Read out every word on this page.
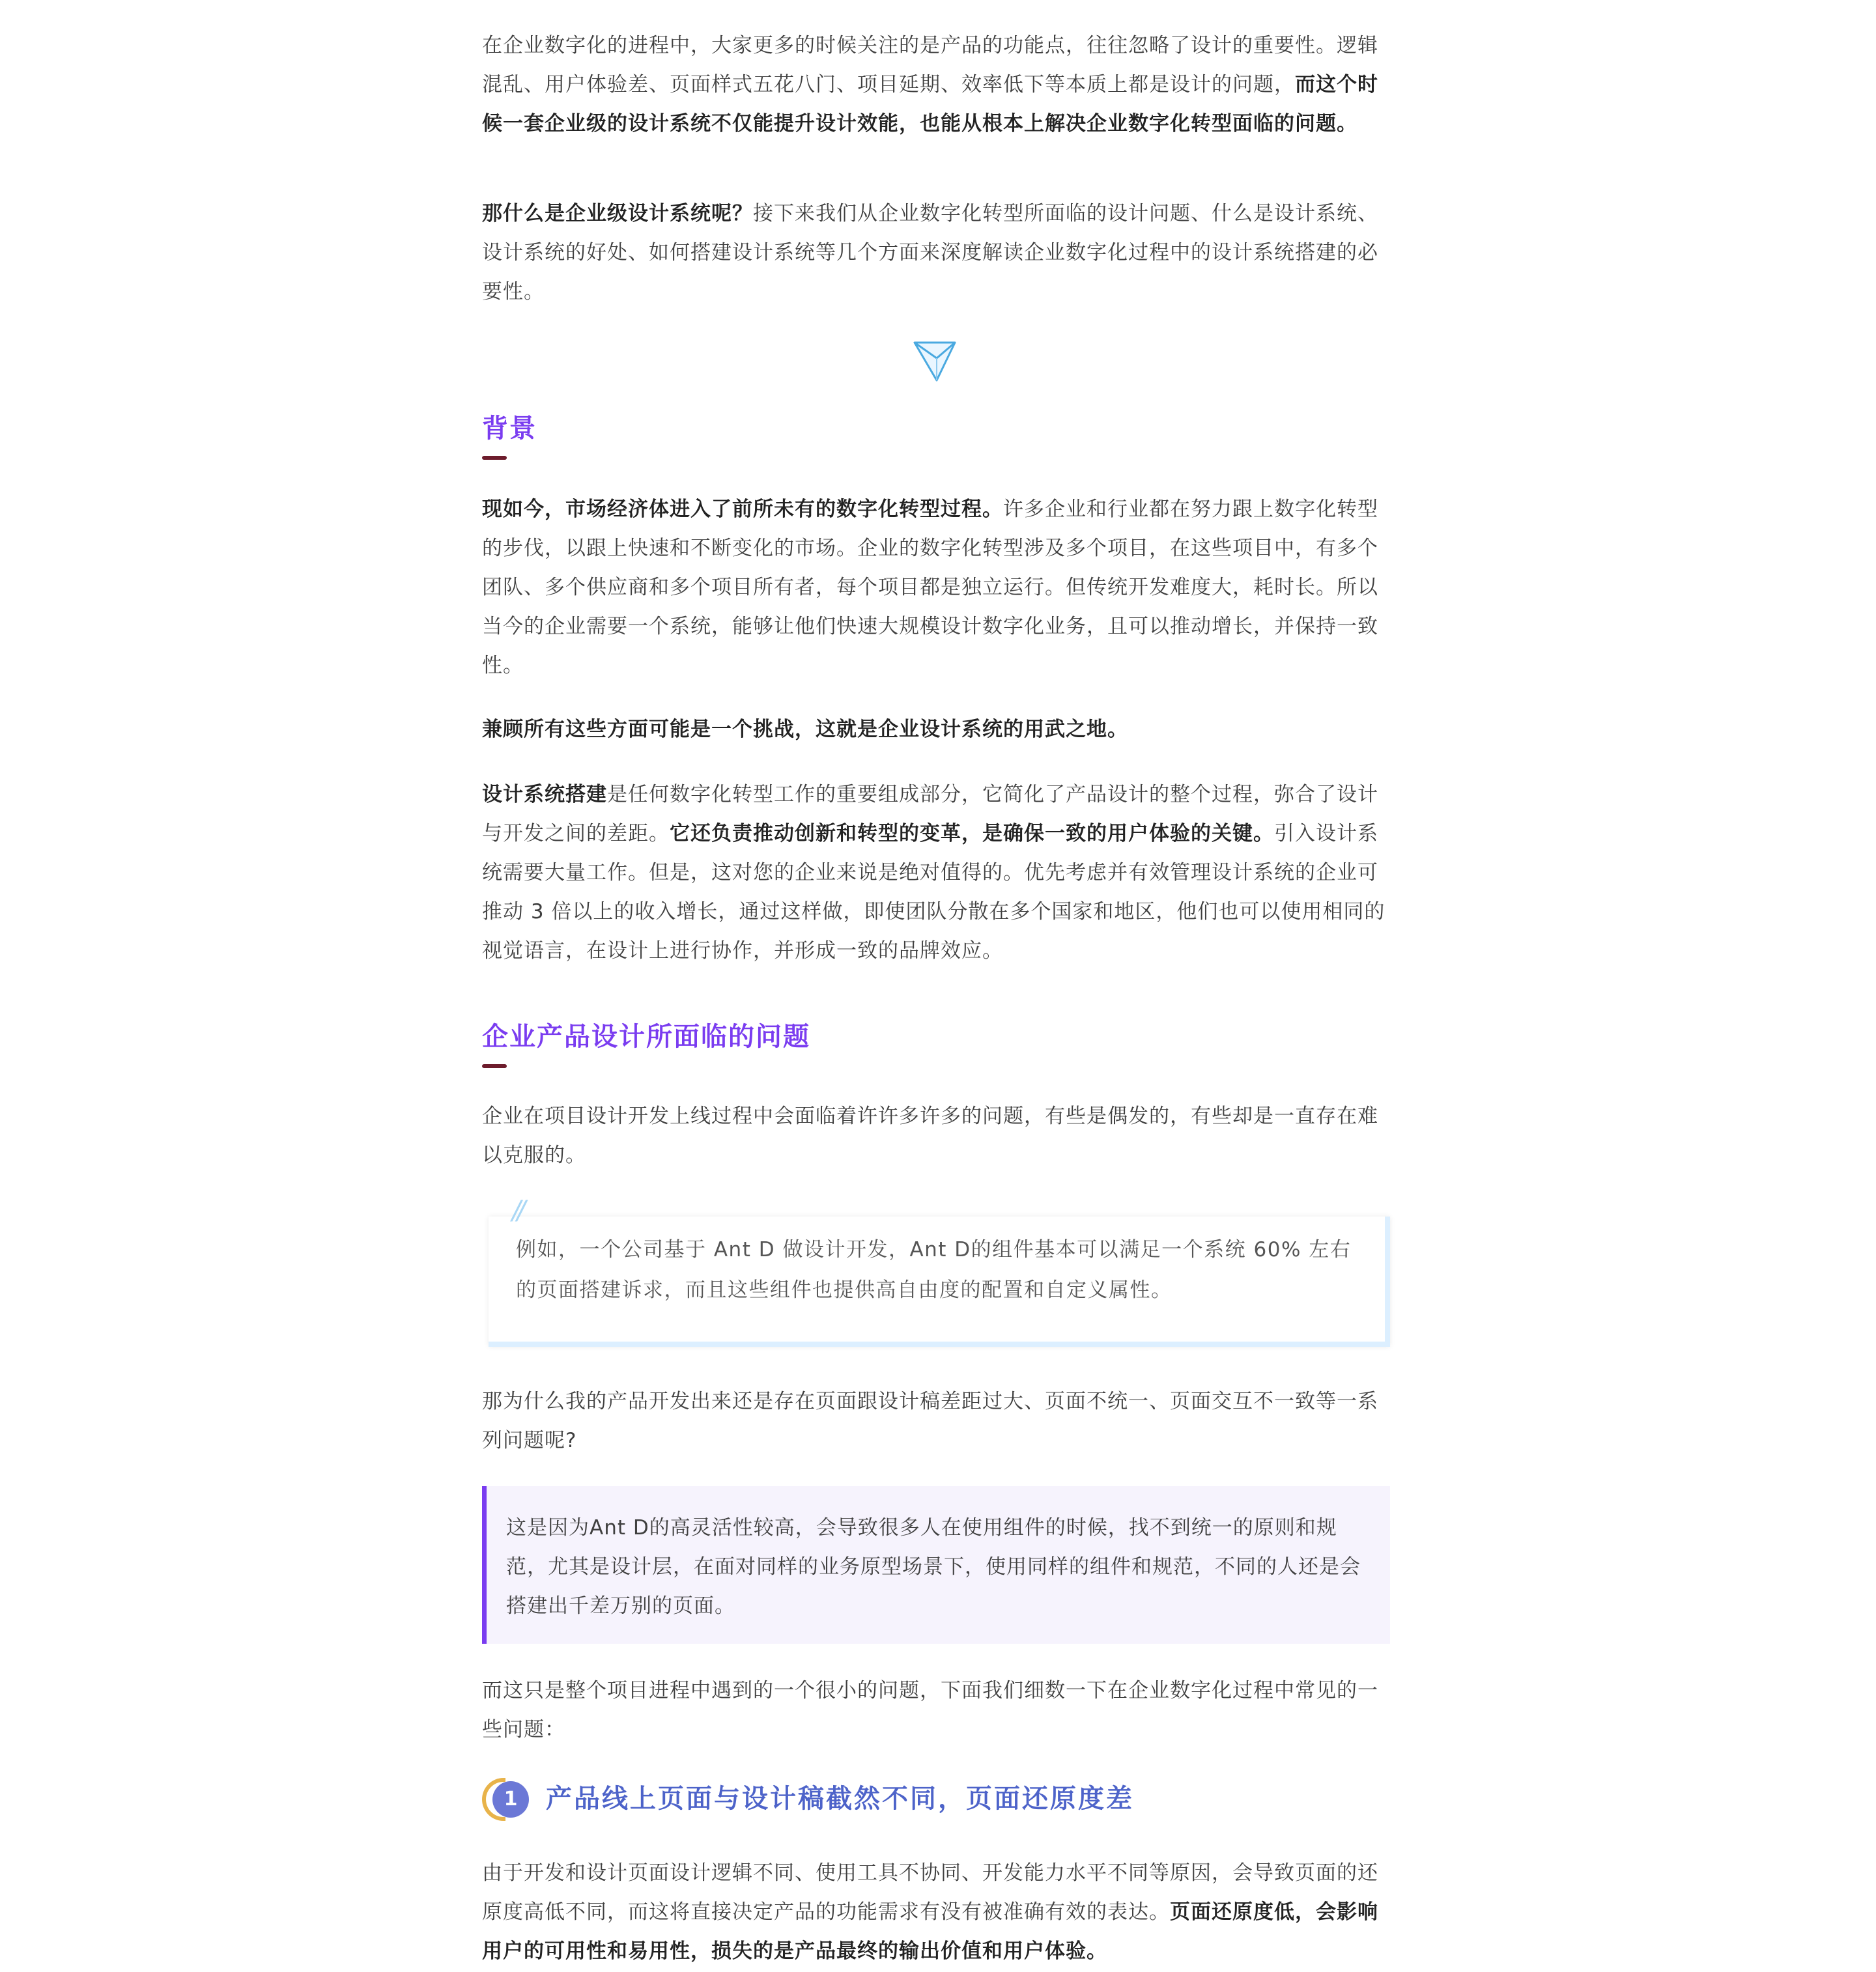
在企业数字化的进程中，大家更多的时候关注的是产品的功能点，往往忽略了设计的重要性。逻辑混乱、用户体验差、页面样式五花八门、项目延期、效率低下等本质上都是设计的问题，而这个时候一套企业级的设计系统不仅能提升设计效能，也能从根本上解决企业数字化转型面临的问题。

那什么是企业级设计系统呢？接下来我们从企业数字化转型所面临的设计问题、什么是设计系统、设计系统的好处、如何搭建设计系统等几个方面来深度解读企业数字化过程中的设计系统搭建的必要性。

背景

现如今，市场经济体进入了前所未有的数字化转型过程。许多企业和行业都在努力跟上数字化转型的步伐，以跟上快速和不断变化的市场。企业的数字化转型涉及多个项目，在这些项目中，有多个团队、多个供应商和多个项目所有者，每个项目都是独立运行。但传统开发难度大，耗时长。所以当今的企业需要一个系统，能够让他们快速大规模设计数字化业务，且可以推动增长，并保持一致性。

兼顾所有这些方面可能是一个挑战，这就是企业设计系统的用武之地。

设计系统搭建是任何数字化转型工作的重要组成部分，它简化了产品设计的整个过程，弥合了设计与开发之间的差距。它还负责推动创新和转型的变革，是确保一致的用户体验的关键。引入设计系统需要大量工作。但是，这对您的企业来说是绝对值得的。优先考虑并有效管理设计系统的企业可推动 3 倍以上的收入增长，通过这样做，即使团队分散在多个国家和地区，他们也可以使用相同的视觉语言，在设计上进行协作，并形成一致的品牌效应。

企业产品设计所面临的问题

企业在项目设计开发上线过程中会面临着许许多许多的问题，有些是偶发的，有些却是一直存在难以克服的。

//
例如，一个公司基于 Ant D 做设计开发，Ant D的组件基本可以满足一个系统 60% 左右的页面搭建诉求，而且这些组件也提供高自由度的配置和自定义属性。

那为什么我的产品开发出来还是存在页面跟设计稿差距过大、页面不统一、页面交互不一致等一系列问题呢?

这是因为Ant D的高灵活性较高，会导致很多人在使用组件的时候，找不到统一的原则和规范，尤其是设计层，在面对同样的业务原型场景下，使用同样的组件和规范，不同的人还是会搭建出千差万别的页面。

而这只是整个项目进程中遇到的一个很小的问题，下面我们细数一下在企业数字化过程中常见的一些问题：

1	产品线上页面与设计稿截然不同，页面还原度差

由于开发和设计页面设计逻辑不同、使用工具不协同、开发能力水平不同等原因，会导致页面的还原度高低不同，而这将直接决定产品的功能需求有没有被准确有效的表达。页面还原度低，会影响用户的可用性和易用性，损失的是产品最终的输出价值和用户体验。
